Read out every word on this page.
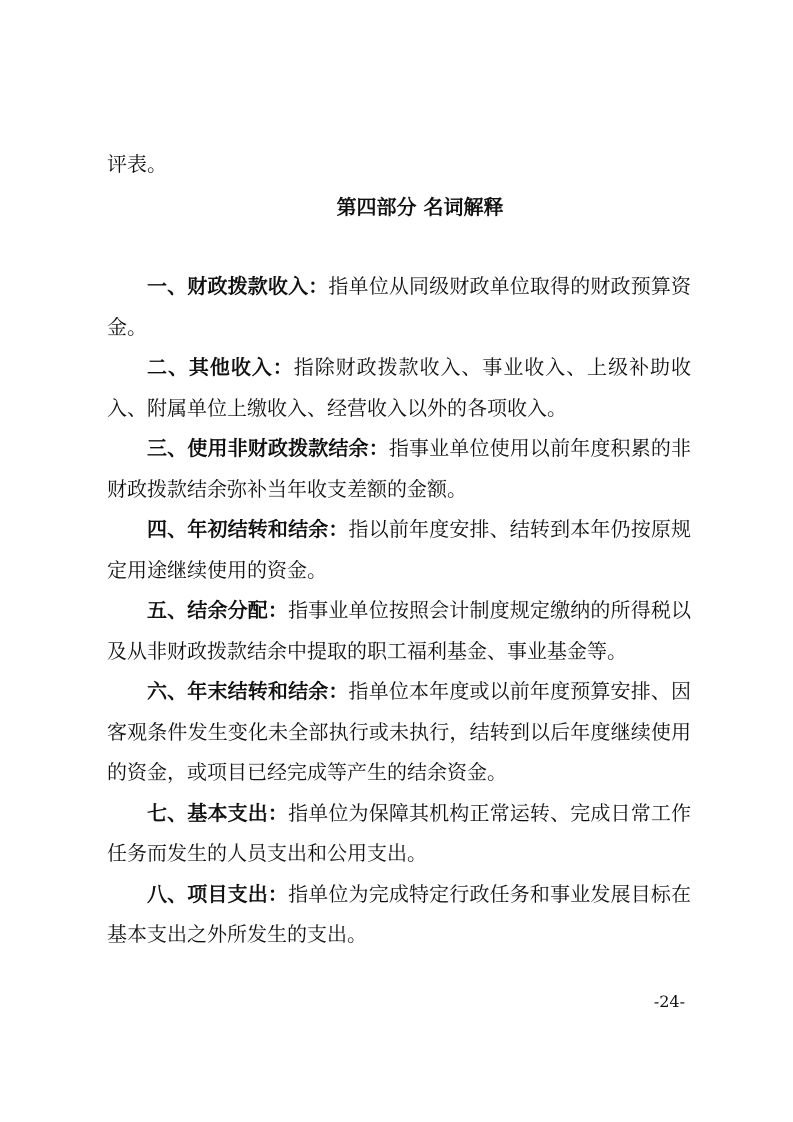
评表。

第四部分 名词解释

一、财政拨款收入：指单位从同级财政单位取得的财政预算资金。

二、其他收入：指除财政拨款收入、事业收入、上级补助收入、附属单位上缴收入、经营收入以外的各项收入。

三、使用非财政拨款结余：指事业单位使用以前年度积累的非财政拨款结余弥补当年收支差额的金额。

四、年初结转和结余：指以前年度安排、结转到本年仍按原规定用途继续使用的资金。

五、结余分配：指事业单位按照会计制度规定缴纳的所得税以及从非财政拨款结余中提取的职工福利基金、事业基金等。

六、年末结转和结余：指单位本年度或以前年度预算安排、因客观条件发生变化未全部执行或未执行，结转到以后年度继续使用的资金，或项目已经完成等产生的结余资金。

七、基本支出：指单位为保障其机构正常运转、完成日常工作任务而发生的人员支出和公用支出。

八、项目支出：指单位为完成特定行政任务和事业发展目标在基本支出之外所发生的支出。

-24-
